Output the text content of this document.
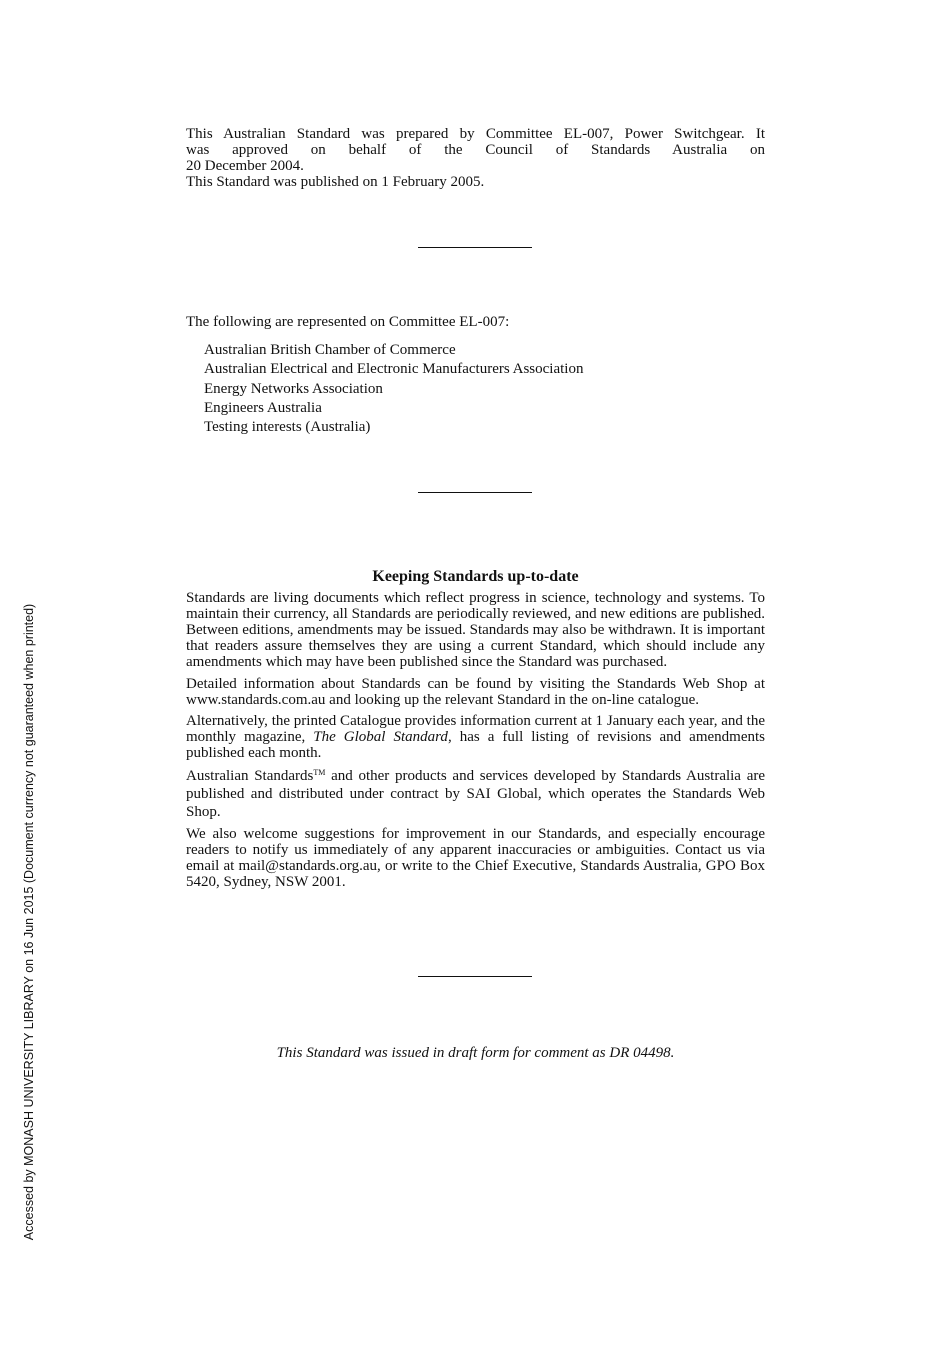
This Australian Standard was prepared by Committee EL-007, Power Switchgear. It
was approved on behalf of the Council of Standards Australia on
20 December 2004.
This Standard was published on 1 February 2005.
The following are represented on Committee EL-007:
Australian British Chamber of Commerce
Australian Electrical and Electronic Manufacturers Association
Energy Networks Association
Engineers Australia
Testing interests (Australia)
Keeping Standards up-to-date

Standards are living documents which reflect progress in science, technology and systems. To maintain their currency, all Standards are periodically reviewed, and new editions are published. Between editions, amendments may be issued. Standards may also be withdrawn. It is important that readers assure themselves they are using a current Standard, which should include any amendments which may have been published since the Standard was purchased.

Detailed information about Standards can be found by visiting the Standards Web Shop at www.standards.com.au and looking up the relevant Standard in the on-line catalogue.

Alternatively, the printed Catalogue provides information current at 1 January each year, and the monthly magazine, The Global Standard, has a full listing of revisions and amendments published each month.

Australian Standards™ and other products and services developed by Standards Australia are published and distributed under contract by SAI Global, which operates the Standards Web Shop.

We also welcome suggestions for improvement in our Standards, and especially encourage readers to notify us immediately of any apparent inaccuracies or ambiguities. Contact us via email at mail@standards.org.au, or write to the Chief Executive, Standards Australia, GPO Box 5420, Sydney, NSW 2001.

This Standard was issued in draft form for comment as DR 04498.
Accessed by MONASH UNIVERSITY LIBRARY on 16 Jun 2015 (Document currency not guaranteed when printed)
